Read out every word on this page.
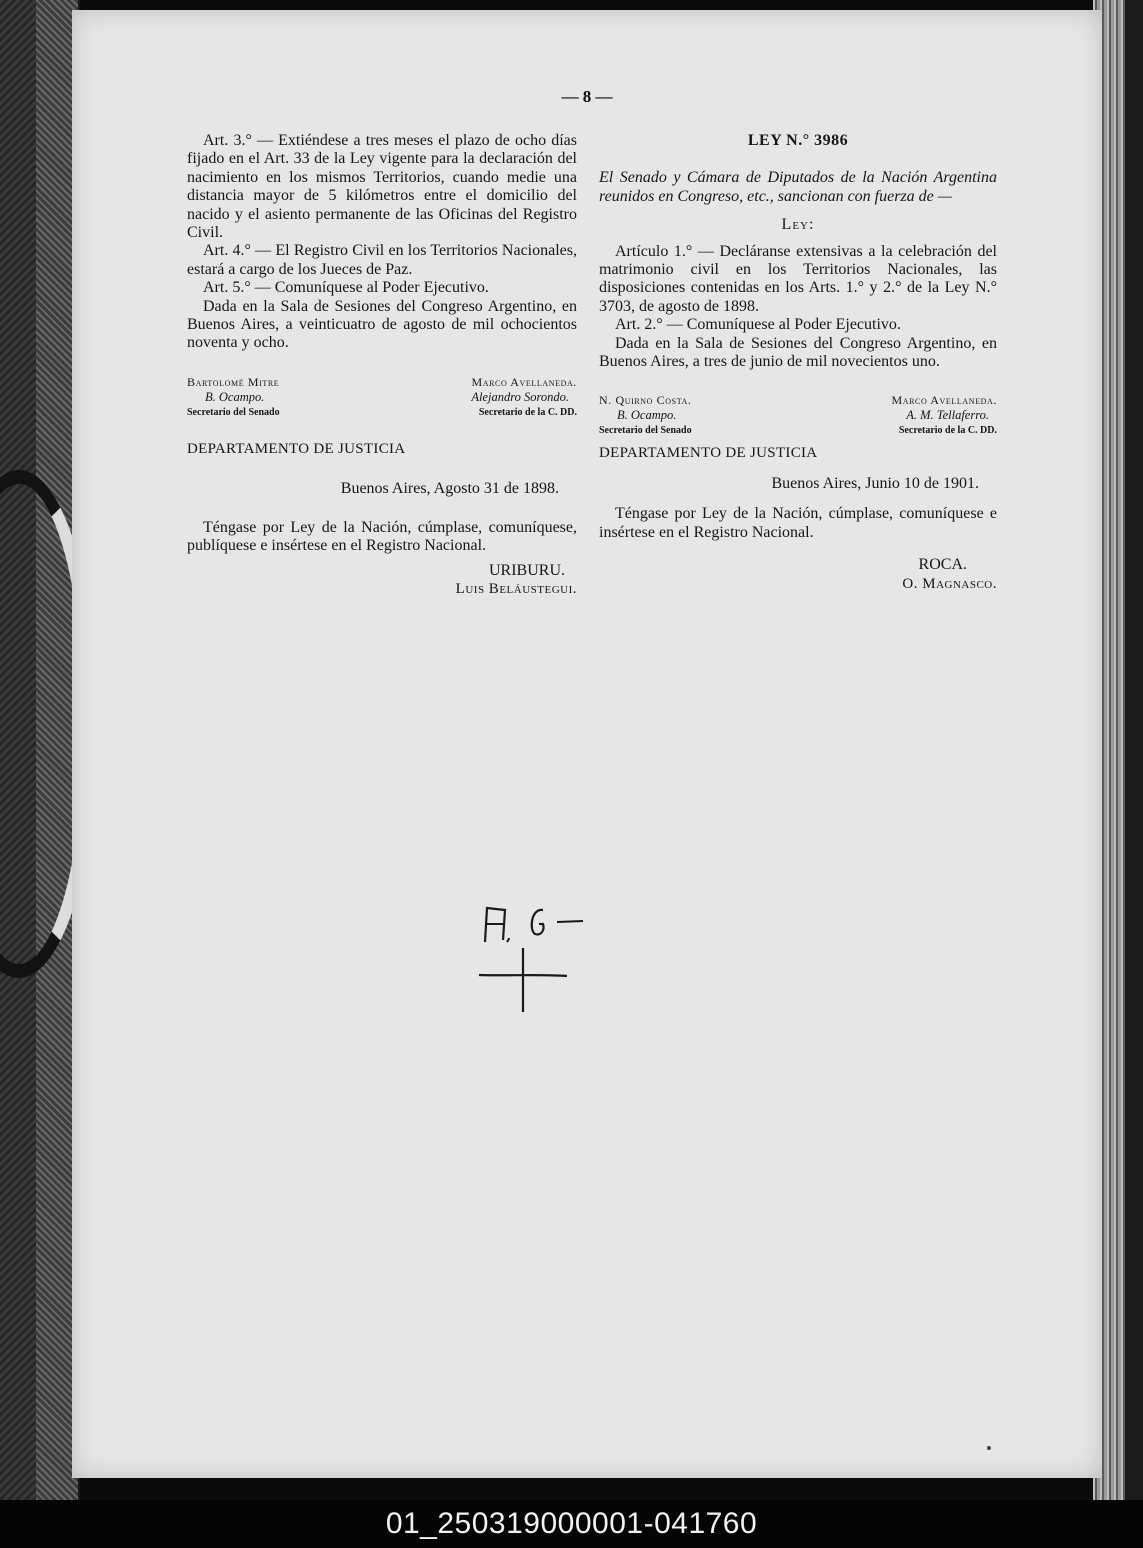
— 8 —

Art. 3.° — Extiéndese a tres meses el plazo de ocho días fijado en el Art. 33 de la Ley vigente para la declaración del nacimiento en los mismos Territorios, cuando medie una distancia mayor de 5 kilómetros entre el domicilio del nacido y el asiento permanente de las Oficinas del Registro Civil.

Art. 4.° — El Registro Civil en los Territorios Nacionales, estará a cargo de los Jueces de Paz.

Art. 5.° — Comuníquese al Poder Ejecutivo.

Dada en la Sala de Sesiones del Congreso Argentino, en Buenos Aires, a veinticuatro de agosto de mil ochocientos noventa y ocho.

Bartolomé Mitre
B. Ocampo.
Secretario del Senado
Marco Avellaneda.
Alejandro Sorondo.
Secretario de la C. DD.
DEPARTAMENTO DE JUSTICIA
Buenos Aires, Agosto 31 de 1898.

Téngase por Ley de la Nación, cúmplase, comuníquese, publíquese e insértese en el Registro Nacional.

URIBURU.
Luis Beláustegui.
LEY N.° 3986

El Senado y Cámara de Diputados de la Nación Argentina reunidos en Congreso, etc., sancionan con fuerza de —

Ley:

Artículo 1.° — Decláranse extensivas a la celebración del matrimonio civil en los Territorios Nacionales, las disposiciones contenidas en los Arts. 1.° y 2.° de la Ley N.° 3703, de agosto de 1898.

Art. 2.° — Comuníquese al Poder Ejecutivo.

Dada en la Sala de Sesiones del Congreso Argentino, en Buenos Aires, a tres de junio de mil novecientos uno.

N. Quirno Costa.
B. Ocampo.
Secretario del Senado
Marco Avellaneda.
A. M. Tellaferro.
Secretario de la C. DD.
DEPARTAMENTO DE JUSTICIA
Buenos Aires, Junio 10 de 1901.

Téngase por Ley de la Nación, cúmplase, comuníquese e insértese en el Registro Nacional.

ROCA.
O. Magnasco.
01_250319000001-041760
